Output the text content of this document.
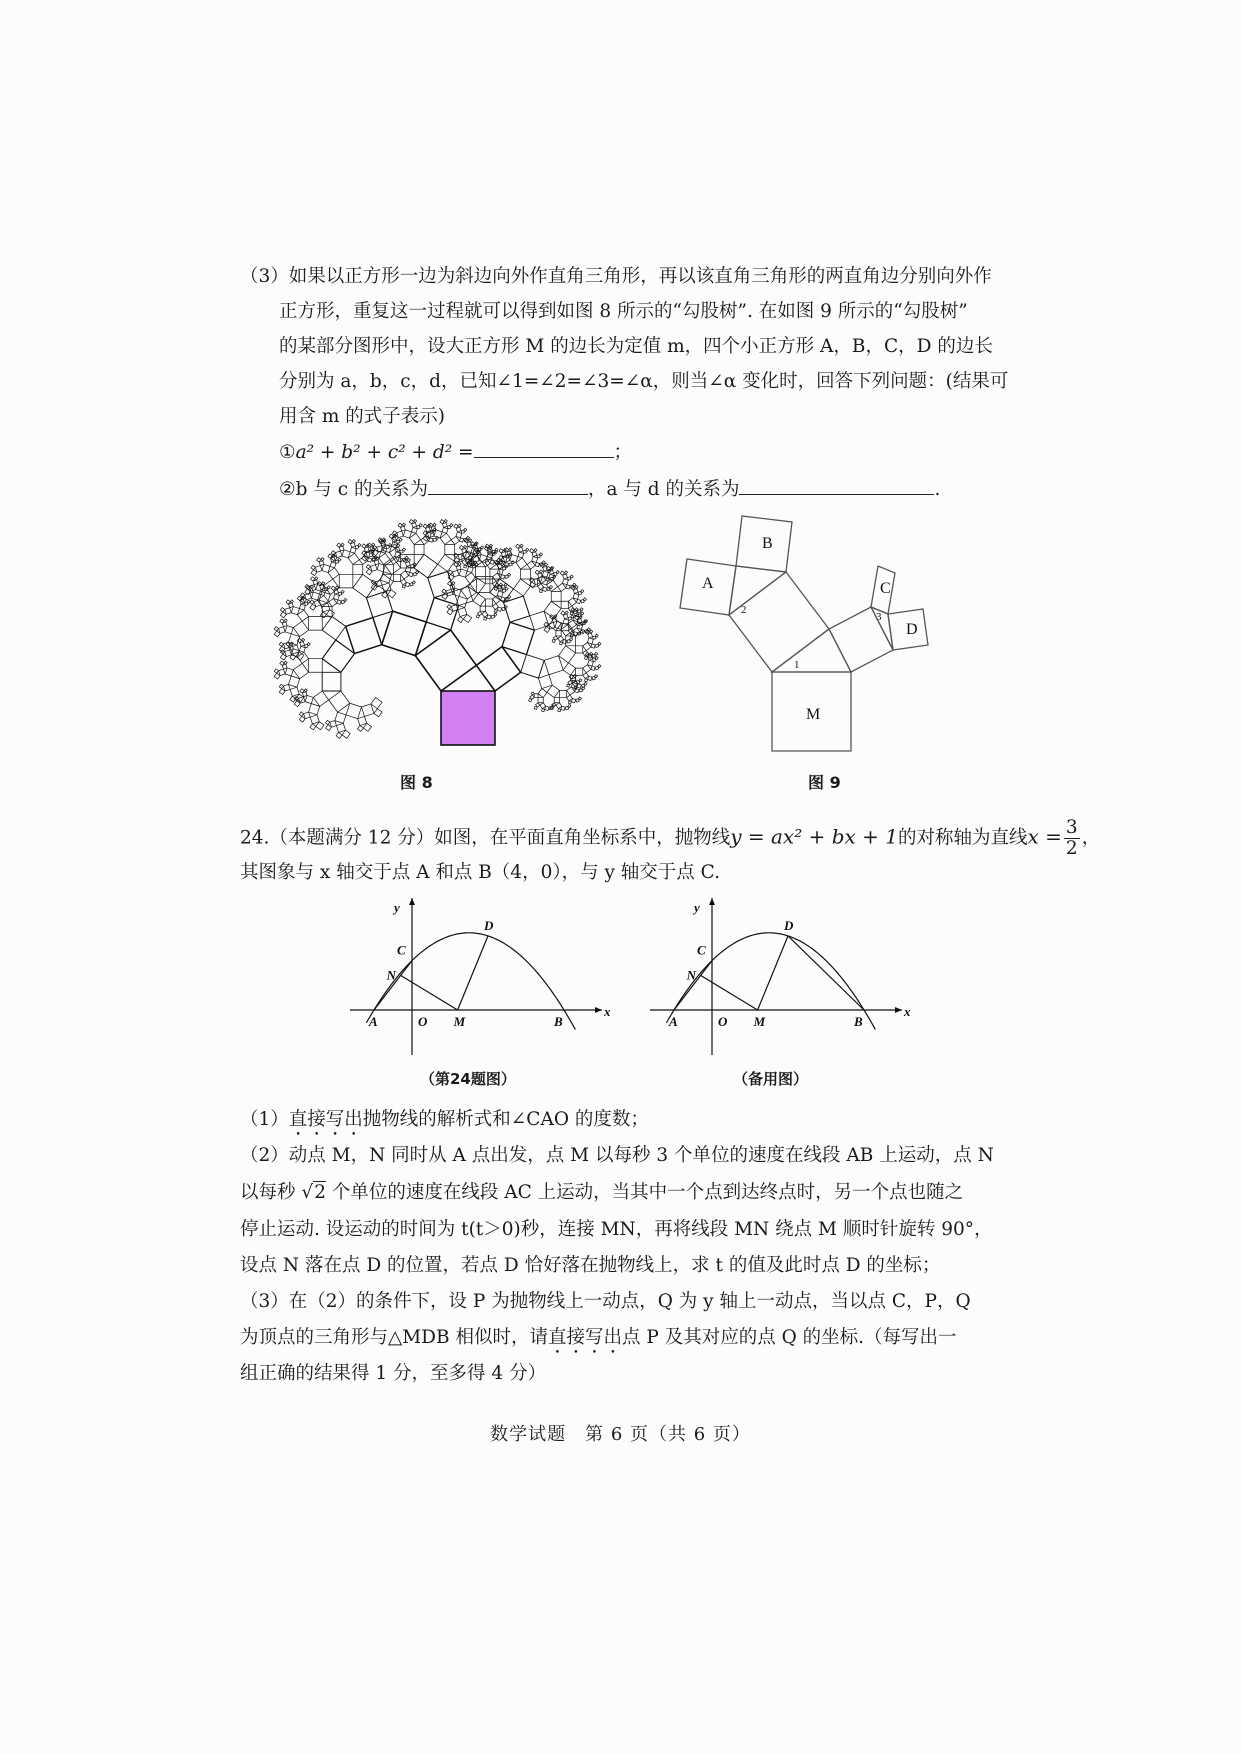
（3）如果以正方形一边为斜边向外作直角三角形，再以该直角三角形的两直角边分别向外作
正方形，重复这一过程就可以得到如图 8 所示的“勾股树”. 在如图 9 所示的“勾股树”
的某部分图形中，设大正方形 M 的边长为定值 m，四个小正方形 A，B，C，D 的边长
分别为 a，b，c，d，已知∠1=∠2=∠3=∠α，则当∠α 变化时，回答下列问题：(结果可
用含 m 的式子表示)
①a² + b² + c² + d² =	；
②b 与 c 的关系为	，a 与 d 的关系为	.
图 8
A
B
C
D
M
1
2
3
图 9
24.（本题满分 12 分）如图，在平面直角坐标系中，抛物线y = ax² + bx + 1的对称轴为直线$x = \frac{3}{2}$ ，
其图象与 x 轴交于点 A 和点 B（4，0），与 y 轴交于点 C.
A	O M	B
x
y
C
N
D
（第24题图）
A	O M	B
x
y
C
N
D
（备用图）
（1）直接写出抛物线的解析式和∠CAO 的度数；
（2）动点 M，N 同时从 A 点出发，点 M 以每秒 3 个单位的速度在线段 AB 上运动，点 N
以每秒 √2 个单位的速度在线段 AC 上运动，当其中一个点到达终点时，另一个点也随之
停止运动. 设运动的时间为 t(t＞0)秒，连接 MN，再将线段 MN 绕点 M 顺时针旋转 90°，
设点 N 落在点 D 的位置，若点 D 恰好落在抛物线上，求 t 的值及此时点 D 的坐标；
（3）在（2）的条件下，设 P 为抛物线上一动点，Q 为 y 轴上一动点，当以点 C，P，Q
为顶点的三角形与△MDB 相似时，请直接写出点 P 及其对应的点 Q 的坐标.（每写出一
组正确的结果得 1 分，至多得 4 分）
数学试题　第 6 页（共 6 页）
